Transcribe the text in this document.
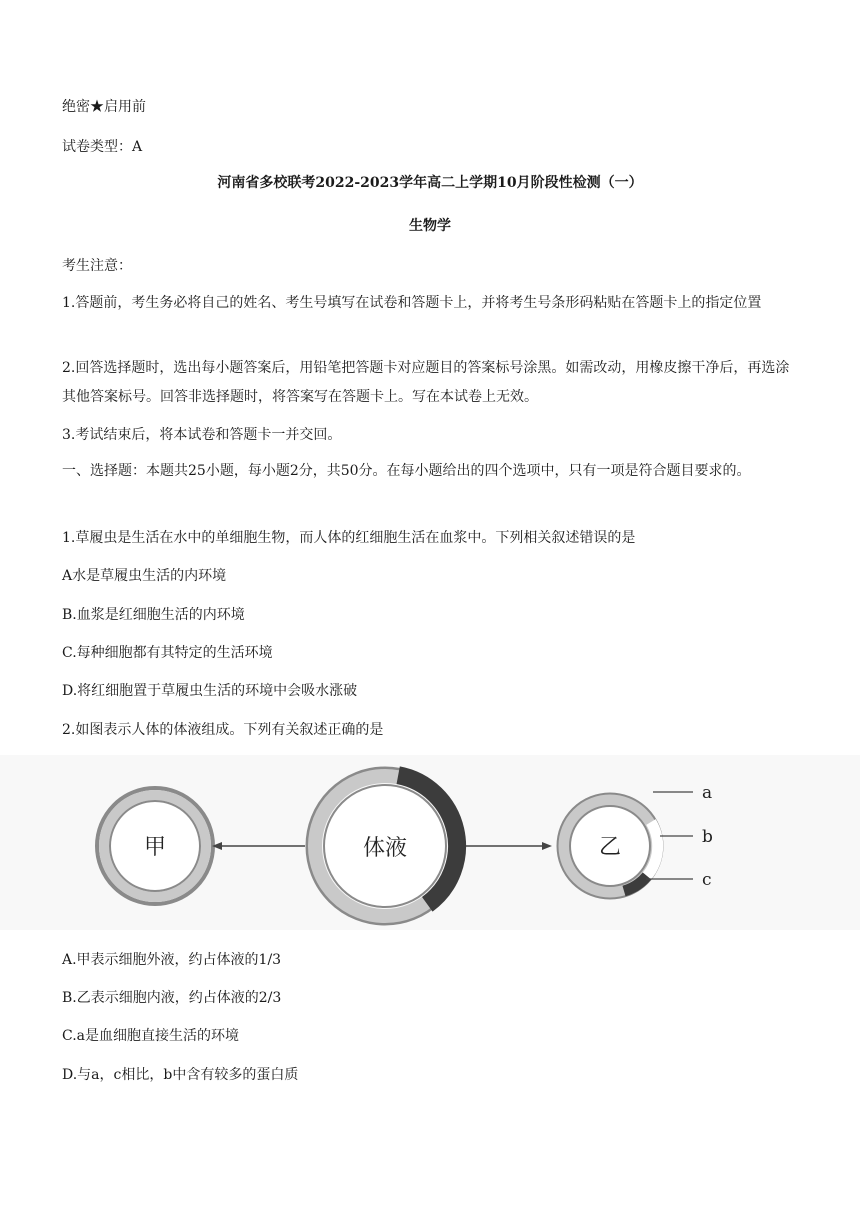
绝密★启用前
试卷类型：A
河南省多校联考2022-2023学年高二上学期10月阶段性检测（一）
生物学
考生注意：
1.答题前，考生务必将自己的姓名、考生号填写在试卷和答题卡上，并将考生号条形码粘贴在答题卡上的指定位置
2.回答选择题时，选出每小题答案后，用铅笔把答题卡对应题目的答案标号涂黑。如需改动，用橡皮擦干净后，再选涂其他答案标号。回答非选择题时，将答案写在答题卡上。写在本试卷上无效。
3.考试结束后，将本试卷和答题卡一并交回。
一、选择题：本题共25小题，每小题2分，共50分。在每小题给出的四个选项中，只有一项是符合题目要求的。
1.草履虫是生活在水中的单细胞生物，而人体的红细胞生活在血浆中。下列相关叙述错误的是
A水是草履虫生活的内环境
B.血浆是红细胞生活的内环境
C.每种细胞都有其特定的生活环境
D.将红细胞置于草履虫生活的环境中会吸水涨破
2.如图表示人体的体液组成。下列有关叙述正确的是
甲	体液	乙
a
b
c
A.甲表示细胞外液，约占体液的1/3
B.乙表示细胞内液，约占体液的2/3
C.a是血细胞直接生活的环境
D.与a，c相比，b中含有较多的蛋白质
